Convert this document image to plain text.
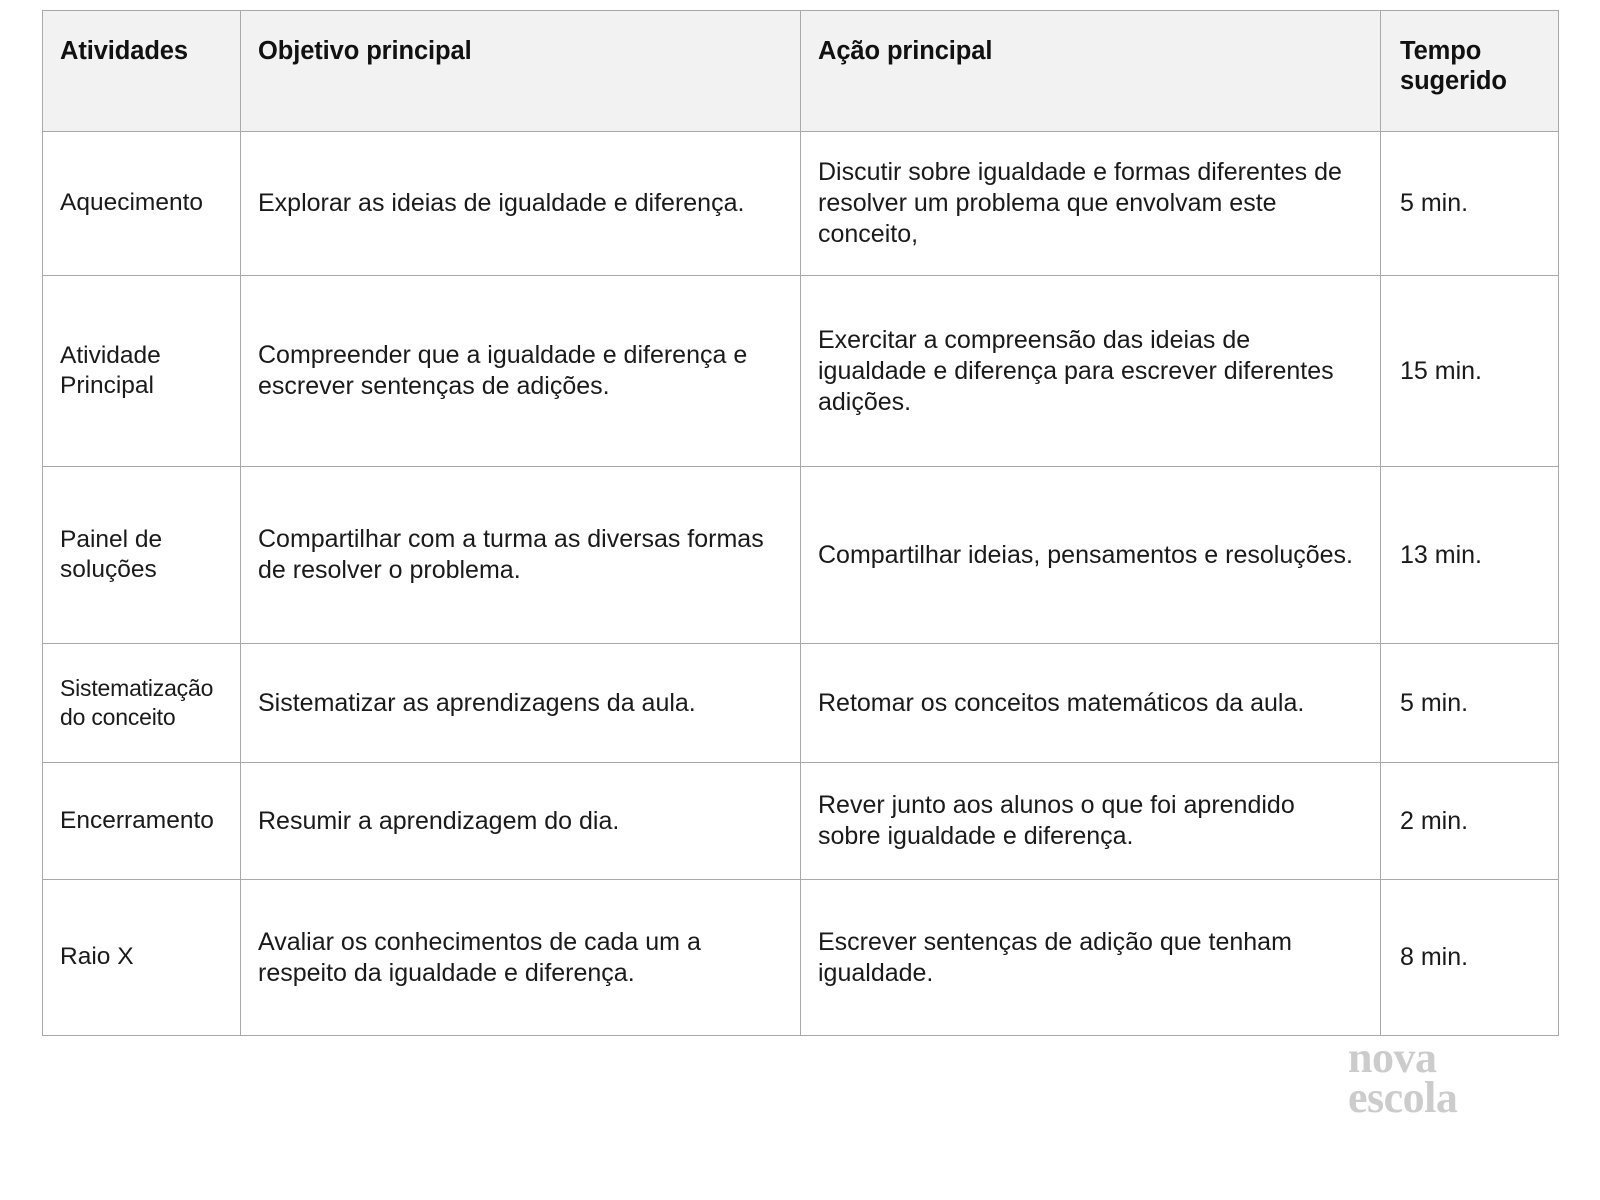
Atividades	Objetivo principal	Ação principal	Tempo
sugerido

Aquecimento	Explorar as ideias de igualdade e diferença.	Discutir sobre igualdade e formas diferentes de resolver um problema que envolvam este conceito,	5 min.

Atividade Principal	Compreender que a igualdade e diferença e escrever sentenças de adições.	Exercitar a compreensão das ideias de igualdade e diferença para escrever diferentes adições.	15 min.

Painel de soluções	Compartilhar com a turma as diversas formas de resolver o problema.	Compartilhar ideias, pensamentos e resoluções.	13 min.

Sistematização do conceito	Sistematizar as aprendizagens da aula.	Retomar os conceitos matemáticos da aula.	5 min.

Encerramento	Resumir a aprendizagem do dia.	Rever junto aos alunos o que foi aprendido sobre igualdade e diferença.	2 min.

Raio X	Avaliar os conhecimentos de cada um a respeito da igualdade e diferença.	Escrever sentenças de adição que tenham igualdade.	8 min.
nova
escola
